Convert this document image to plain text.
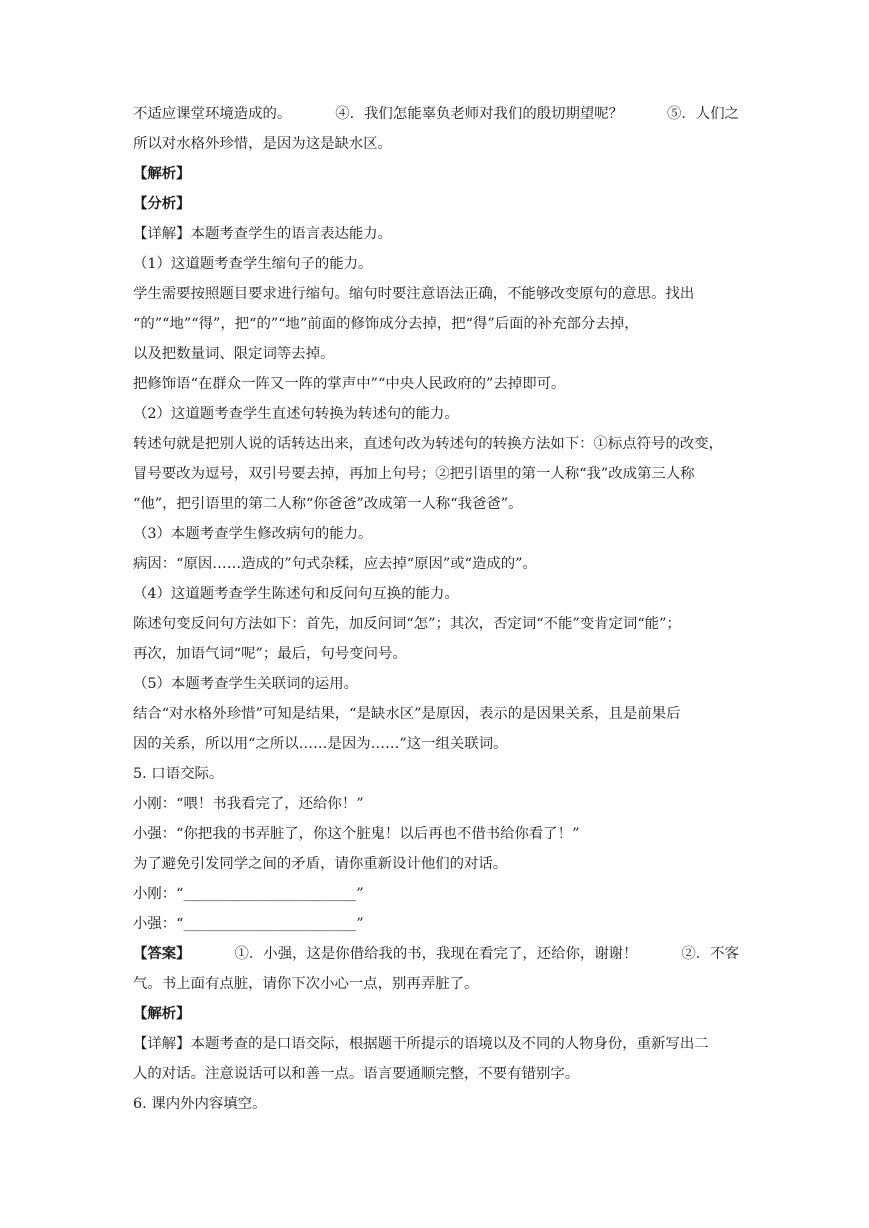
不适应课堂环境造成的。	④．我们怎能辜负老师对我们的殷切期望呢？	⑤．人们之
所以对水格外珍惜，是因为这是缺水区。
【解析】
【分析】
【详解】本题考查学生的语言表达能力。
（1）这道题考查学生缩句子的能力。
学生需要按照题目要求进行缩句。缩句时要注意语法正确，不能够改变原句的意思。找出
“的”“地”“得”，把“的”“地”前面的修饰成分去掉，把“得”后面的补充部分去掉，
以及把数量词、限定词等去掉。
把修饰语“在群众一阵又一阵的掌声中”“中央人民政府的”去掉即可。
（2）这道题考查学生直述句转换为转述句的能力。
转述句就是把别人说的话转达出来，直述句改为转述句的转换方法如下：①标点符号的改变，
冒号要改为逗号，双引号要去掉，再加上句号；②把引语里的第一人称“我”改成第三人称
“他”，把引语里的第二人称“你爸爸”改成第一人称“我爸爸”。
（3）本题考查学生修改病句的能力。
病因：“原因……造成的”句式杂糅，应去掉“原因”或“造成的”。
（4）这道题考查学生陈述句和反问句互换的能力。
陈述句变反问句方法如下：首先，加反问词“怎”；其次，否定词“不能”变肯定词“能”；
再次，加语气词“呢”；最后，句号变问号。
（5）本题考查学生关联词的运用。
结合“对水格外珍惜”可知是结果，“是缺水区”是原因，表示的是因果关系，且是前果后
因的关系，所以用“之所以……是因为……”这一组关联词。
5. 口语交际。
小刚：“喂！书我看完了，还给你！”
小强：“你把我的书弄脏了，你这个脏鬼！以后再也不借书给你看了！”
为了避免引发同学之间的矛盾，请你重新设计他们的对话。
小刚：“________________________”
小强：“________________________”
【答案】	①．小强，这是你借给我的书，我现在看完了，还给你，谢谢！	②．不客
气。书上面有点脏，请你下次小心一点，别再弄脏了。
【解析】
【详解】本题考查的是口语交际，根据题干所提示的语境以及不同的人物身份，重新写出二
人的对话。注意说话可以和善一点。语言要通顺完整，不要有错别字。
6. 课内外内容填空。
